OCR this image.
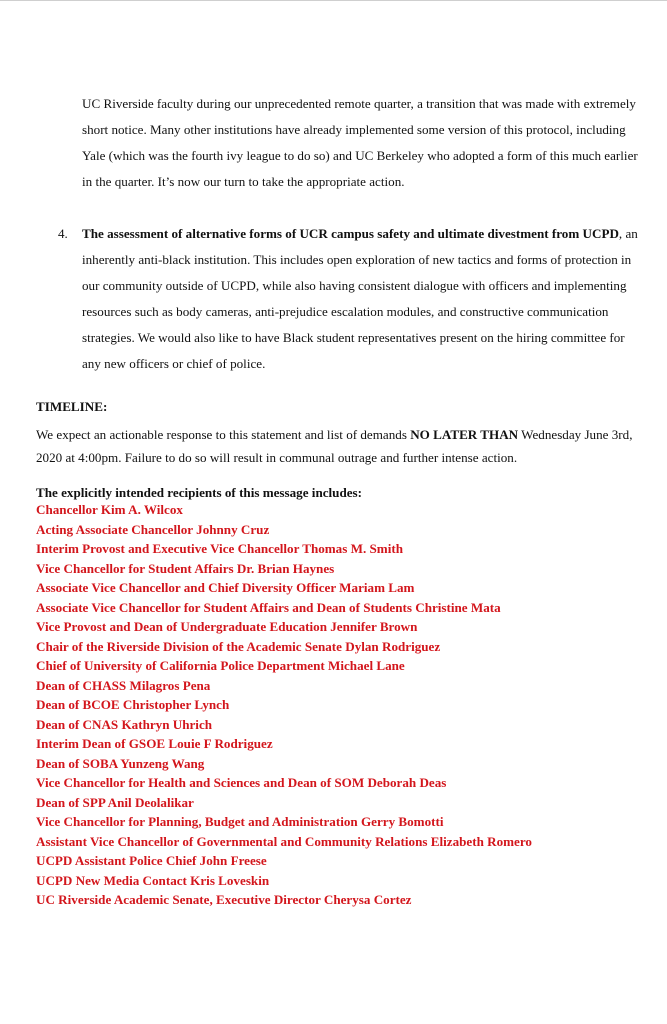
UC Riverside faculty during our unprecedented remote quarter, a transition that was made with extremely short notice. Many other institutions have already implemented some version of this protocol, including Yale (which was the fourth ivy league to do so) and UC Berkeley who adopted a form of this much earlier in the quarter. It’s now our turn to take the appropriate action.

4. The assessment of alternative forms of UCR campus safety and ultimate divestment from UCPD, an inherently anti-black institution. This includes open exploration of new tactics and forms of protection in our community outside of UCPD, while also having consistent dialogue with officers and implementing resources such as body cameras, anti-prejudice escalation modules, and constructive communication strategies. We would also like to have Black student representatives present on the hiring committee for any new officers or chief of police.

TIMELINE:

We expect an actionable response to this statement and list of demands NO LATER THAN Wednesday June 3rd, 2020 at 4:00pm. Failure to do so will result in communal outrage and further intense action.

The explicitly intended recipients of this message includes:

Chancellor Kim A. Wilcox
Acting Associate Chancellor Johnny Cruz
Interim Provost and Executive Vice Chancellor Thomas M. Smith
Vice Chancellor for Student Affairs Dr. Brian Haynes
Associate Vice Chancellor and Chief Diversity Officer Mariam Lam
Associate Vice Chancellor for Student Affairs and Dean of Students Christine Mata
Vice Provost and Dean of Undergraduate Education Jennifer Brown
Chair of the Riverside Division of the Academic Senate Dylan Rodriguez
Chief of University of California Police Department Michael Lane
Dean of CHASS Milagros Pena
Dean of BCOE Christopher Lynch
Dean of CNAS Kathryn Uhrich
Interim Dean of GSOE Louie F Rodriguez
Dean of SOBA Yunzeng Wang
Vice Chancellor for Health and Sciences and Dean of SOM Deborah Deas
Dean of SPP Anil Deolalikar
Vice Chancellor for Planning, Budget and Administration Gerry Bomotti
Assistant Vice Chancellor of Governmental and Community Relations Elizabeth Romero
UCPD Assistant Police Chief John Freese
UCPD New Media Contact Kris Loveskin
UC Riverside Academic Senate, Executive Director Cherysa Cortez
